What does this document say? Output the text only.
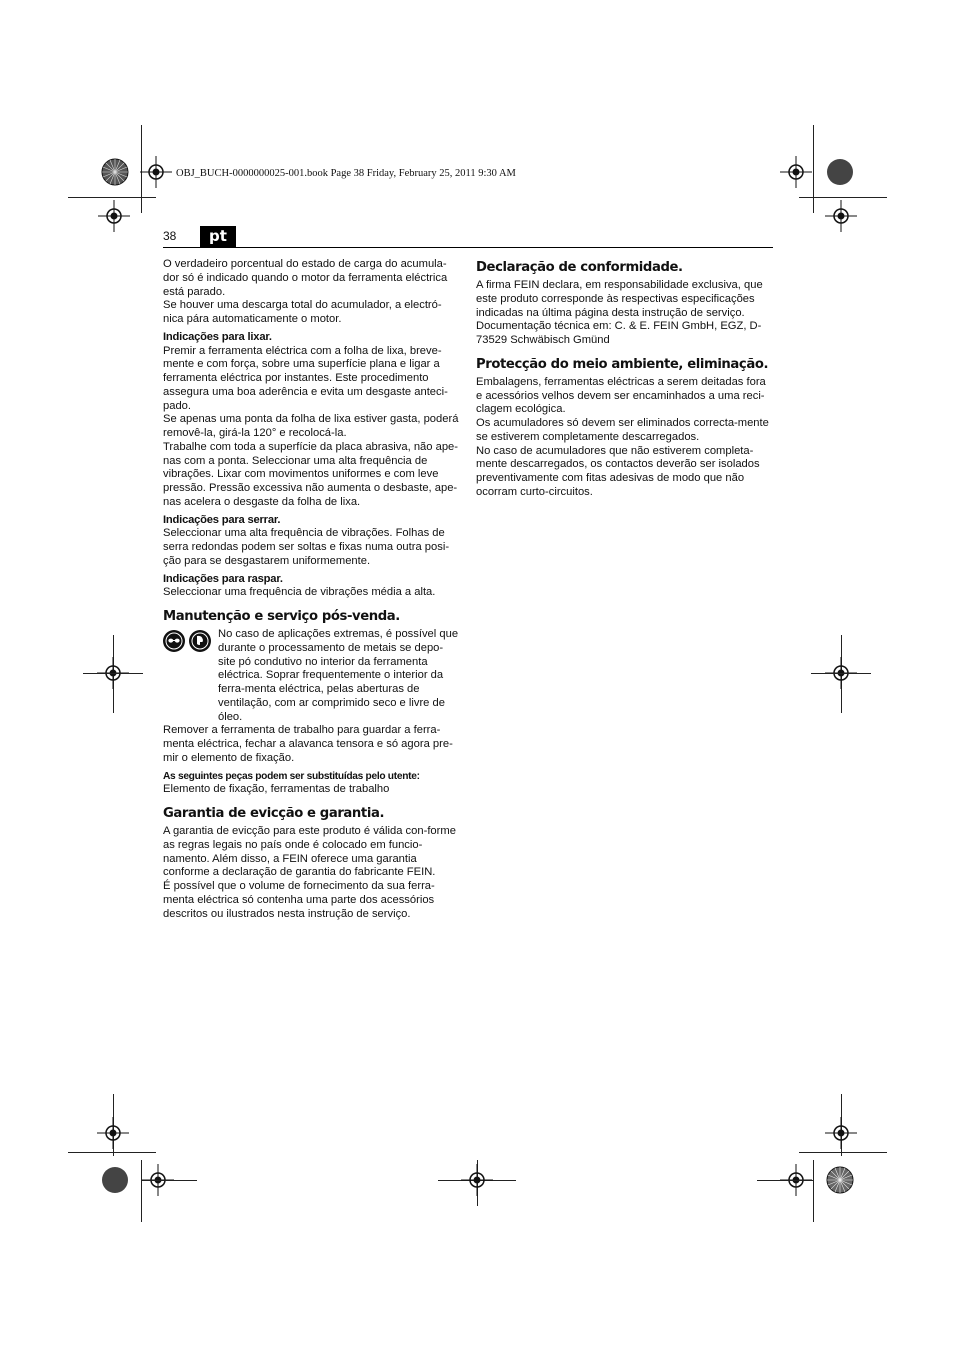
OBJ_BUCH-0000000025-001.book Page 38 Friday, February 25, 2011 9:30 AM
38	pt

O verdadeiro porcentual do estado de carga do acumula-dor só é indicado quando o motor da ferramenta eléctrica está parado.

Se houver uma descarga total do acumulador, a electró-nica pára automaticamente o motor.

Indicações para lixar.

Premir a ferramenta eléctrica com a folha de lixa, breve-mente e com força, sobre uma superfície plana e ligar a ferramenta eléctrica por instantes. Este procedimento assegura uma boa aderência e evita um desgaste anteci-pado.

Se apenas uma ponta da folha de lixa estiver gasta, poderá removê-la, girá-la 120° e recolocá-la.

Trabalhe com toda a superfície da placa abrasiva, não ape-nas com a ponta. Seleccionar uma alta frequência de vibrações. Lixar com movimentos uniformes e com leve pressão. Pressão excessiva não aumenta o desbaste, ape-nas acelera o desgaste da folha de lixa.

Indicações para serrar.

Seleccionar uma alta frequência de vibrações. Folhas de serra redondas podem ser soltas e fixas numa outra posi-ção para se desgastarem uniformemente.

Indicações para raspar.

Seleccionar uma frequência de vibrações média a alta.

Manutenção e serviço pós-venda.

No caso de aplicações extremas, é possível que durante o processamento de metais se depo-site pó condutivo no interior da ferramenta eléctrica. Soprar frequentemente o interior da ferra-menta eléctrica, pelas aberturas de ventilação, com ar comprimido seco e livre de óleo.

Remover a ferramenta de trabalho para guardar a ferra-menta eléctrica, fechar a alavanca tensora e só agora pre-mir o elemento de fixação.

As seguintes peças podem ser substituídas pelo utente:

Elemento de fixação, ferramentas de trabalho

Garantia de evicção e garantia.

A garantia de evicção para este produto é válida con-forme as regras legais no país onde é colocado em funcio-namento. Além disso, a FEIN oferece uma garantia conforme a declaração de garantia do fabricante FEIN.

É possível que o volume de fornecimento da sua ferra-menta eléctrica só contenha uma parte dos acessórios descritos ou ilustrados nesta instrução de serviço.

Declaração de conformidade.

A firma FEIN declara, em responsabilidade exclusiva, que este produto corresponde às respectivas especificações indicadas na última página desta instrução de serviço.

Documentação técnica em: C. & E. FEIN GmbH, EGZ, D-73529 Schwäbisch Gmünd

Protecção do meio ambiente, eliminação.

Embalagens, ferramentas eléctricas a serem deitadas fora e acessórios velhos devem ser encaminhados a uma reci-clagem ecológica.

Os acumuladores só devem ser eliminados correcta-mente se estiverem completamente descarregados.

No caso de acumuladores que não estiverem completa-mente descarregados, os contactos deverão ser isolados preventivamente com fitas adesivas de modo que não ocorram curto-circuitos.
